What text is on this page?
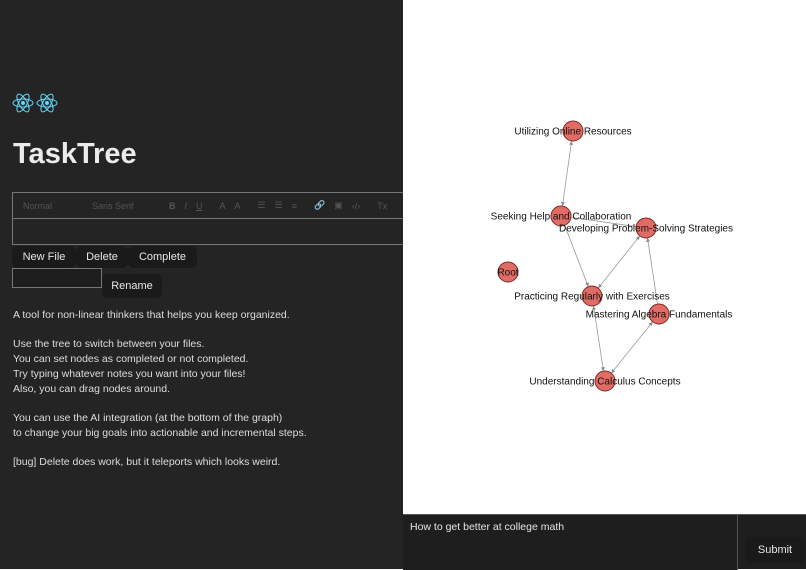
TaskTree
Normal	Sans Serif	B I U A A ☰ ☰ ≡ 🔗 ▣ ‹/› Tx
New File	Delete	Complete
Rename

A tool for non-linear thinkers that helps you keep organized.

Use the tree to switch between your files.
You can set nodes as completed or not completed.
Try typing whatever notes you want into your files!
Also, you can drag nodes around.

You can use the AI integration (at the bottom of the graph)
to change your big goals into actionable and incremental steps.

[bug] Delete does work, but it teleports which looks weird.

Utilizing Online Resources
Seeking Help and Collaboration
Developing Problem-Solving Strategies
Root
Practicing Regularly with Exercises
Mastering Algebra Fundamentals
Understanding Calculus Concepts
How to get better at college math
Submit
